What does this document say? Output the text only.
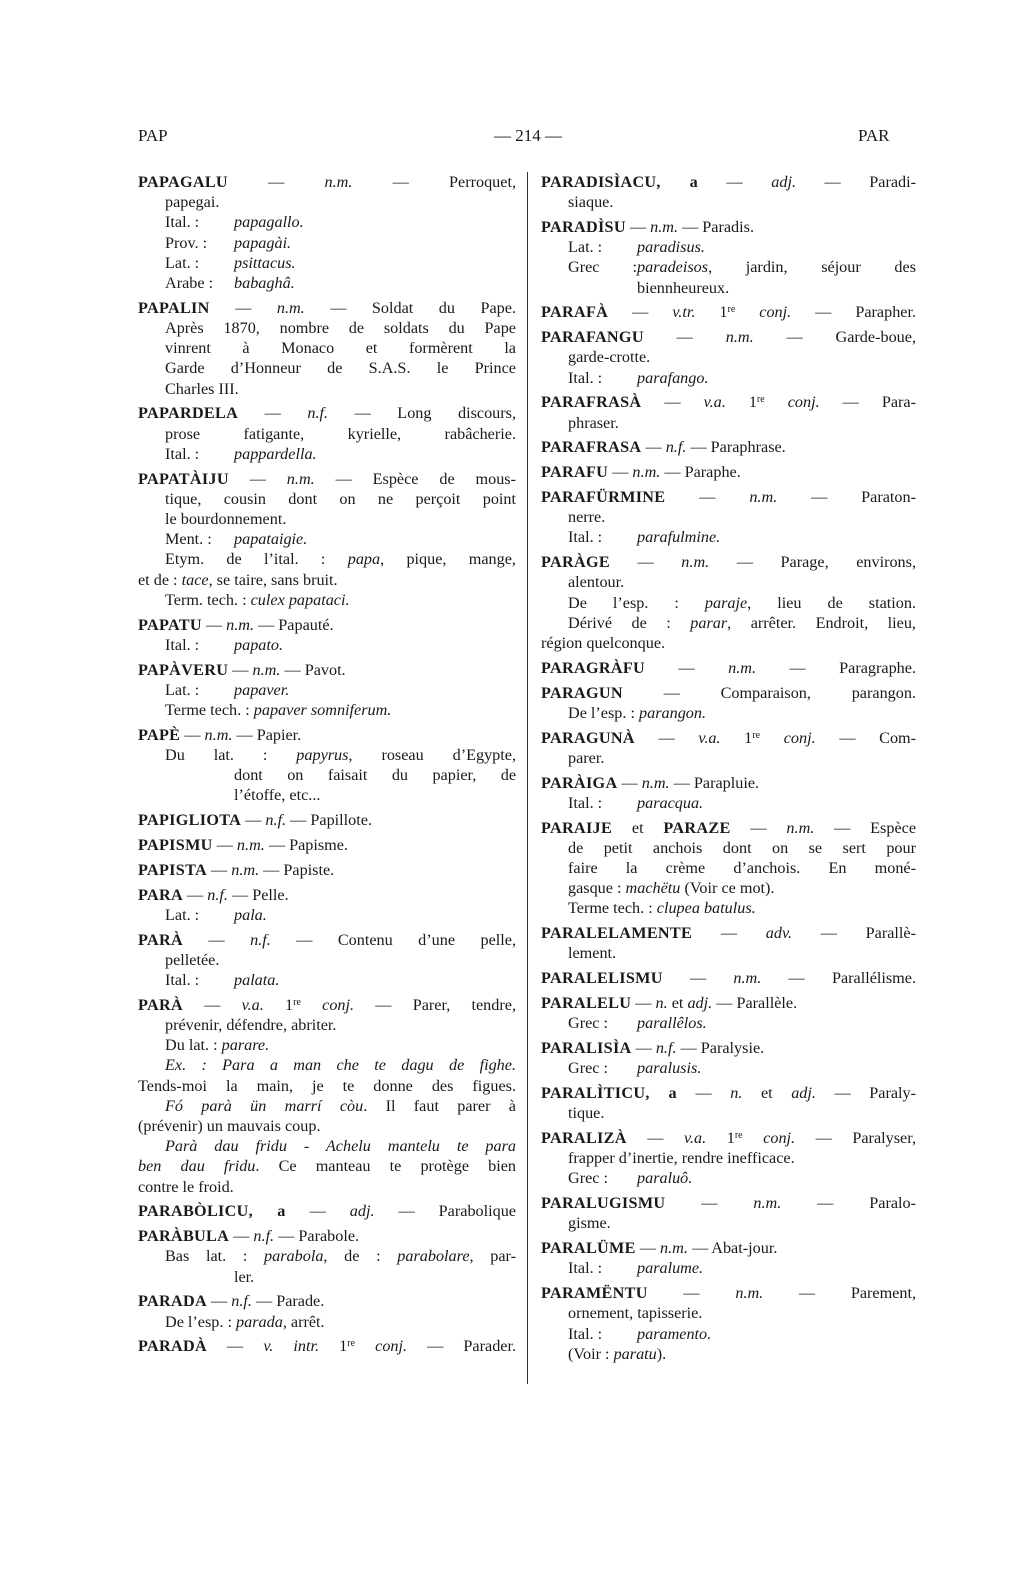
PAP	— 214 —	PAR
PAPAGALU — n.m. — Perroquet,
papegai.
Ital. : papagallo.
Prov. : papagài.
Lat. : psittacus.
Arabe : babaghâ.
PAPALIN — n.m. — Soldat du Pape.
Après 1870, nombre de soldats du Pape
vinrent à Monaco et formèrent la
Garde d’Honneur de S.A.S. le Prince
Charles III.
PAPARDELA — n.f. — Long discours,
prose fatigante, kyrielle, rabâcherie.
Ital. : pappardella.
PAPATÀIJU — n.m. — Espèce de mous-
tique, cousin dont on ne perçoit point
le bourdonnement.
Ment. : papataigie.
Etym. de l’ital. : papa, pique, mange,
et de : tace, se taire, sans bruit.
Term. tech. : culex papataci.
PAPATU — n.m. — Papauté.
Ital. : papato.
PAPÀVERU — n.m. — Pavot.
Lat. : papaver.
Terme tech. : papaver somniferum.
PAPÈ — n.m. — Papier.
Du lat. : papyrus, roseau d’Egypte,
dont on faisait du papier, de
l’étoffe, etc...
PAPIGLIOTA — n.f. — Papillote.
PAPISMU — n.m. — Papisme.
PAPISTA — n.m. — Papiste.
PARA — n.f. — Pelle.
Lat. : pala.
PARÀ — n.f. — Contenu d’une pelle,
pelletée.
Ital. : palata.
PARÀ — v.a. 1re conj. — Parer, tendre,
prévenir, défendre, abriter.
Du lat. : parare.
Ex. : Para a man che te dagu de fighe.
Tends-moi la main, je te donne des figues.
Fó parà ün marrí còu. Il faut parer à
(prévenir) un mauvais coup.
Parà dau fridu - Achelu mantelu te para
ben dau fridu. Ce manteau te protège bien
contre le froid.
PARABÒLICU, a — adj. — Parabolique
PARÀBULA — n.f. — Parabole.
Bas lat. : parabola, de : parabolare, par-
ler.
PARADA — n.f. — Parade.
De l’esp. : parada, arrêt.
PARADÀ — v. intr. 1re conj. — Parader.
PARADISÌACU, a — adj. — Paradi-
siaque.
PARADÌSU — n.m. — Paradis.
Lat. : paradisus.
Grec :paradeisos, jardin, séjour des
biennheureux.
PARAFÀ — v.tr. 1re conj. — Parapher.
PARAFANGU — n.m. — Garde-boue,
garde-crotte.
Ital. : parafango.
PARAFRASÀ — v.a. 1re conj. — Para-
phraser.
PARAFRASA — n.f. — Paraphrase.
PARAFU — n.m. — Paraphe.
PARAFÜRMINE — n.m. — Paraton-
nerre.
Ital. : parafulmine.
PARÀGE — n.m. — Parage, environs,
alentour.
De l’esp. : paraje, lieu de station.
Dérivé de : parar, arrêter. Endroit, lieu,
région quelconque.
PARAGRÀFU — n.m. — Paragraphe.
PARAGUN — Comparaison, parangon.
De l’esp. : parangon.
PARAGUNÀ — v.a. 1re conj. — Com-
parer.
PARÀIGA — n.m. — Parapluie.
Ital. : paracqua.
PARAIJE et PARAZE — n.m. — Espèce
de petit anchois dont on se sert pour
faire la crème d’anchois. En moné-
gasque : machëtu (Voir ce mot).
Terme tech. : clupea batulus.
PARALELAMENTE — adv. — Parallè-
lement.
PARALELISMU — n.m. — Parallélisme.
PARALELU — n. et adj. — Parallèle.
Grec : parallêlos.
PARALISÌA — n.f. — Paralysie.
Grec : paralusis.
PARALÌTICU, a — n. et adj. — Paraly-
tique.
PARALIZÀ — v.a. 1re conj. — Paralyser,
frapper d’inertie, rendre inefficace.
Grec : paraluô.
PARALUGISMU — n.m. — Paralo-
gisme.
PARALÜME — n.m. — Abat-jour.
Ital. : paralume.
PARAMËNTU — n.m. — Parement,
ornement, tapisserie.
Ital. : paramento.
(Voir : paratu).
